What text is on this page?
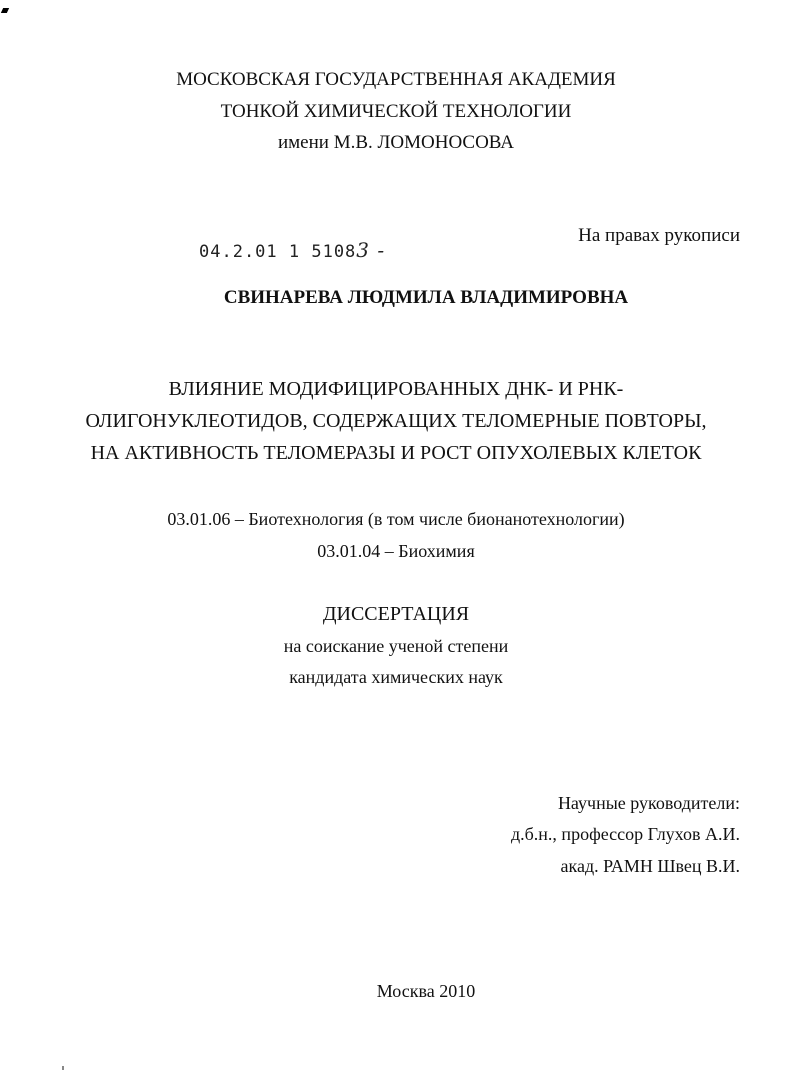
МОСКОВСКАЯ ГОСУДАРСТВЕННАЯ АКАДЕМИЯ
ТОНКОЙ ХИМИЧЕСКОЙ ТЕХНОЛОГИИ
имени М.В. ЛОМОНОСОВА
04.2.01 1 51083 -
На правах рукописи
СВИНАРЕВА ЛЮДМИЛА ВЛАДИМИРОВНА
ВЛИЯНИЕ МОДИФИЦИРОВАННЫХ ДНК- И РНК-
ОЛИГОНУКЛЕОТИДОВ, СОДЕРЖАЩИХ ТЕЛОМЕРНЫЕ ПОВТОРЫ,
НА АКТИВНОСТЬ ТЕЛОМЕРАЗЫ И РОСТ ОПУХОЛЕВЫХ КЛЕТОК
03.01.06 – Биотехнология (в том числе бионанотехнологии)
03.01.04 – Биохимия
ДИССЕРТАЦИЯ
на соискание ученой степени
кандидата химических наук
Научные руководители:
д.б.н., профессор Глухов А.И.
акад. РАМН Швец В.И.
Москва 2010
